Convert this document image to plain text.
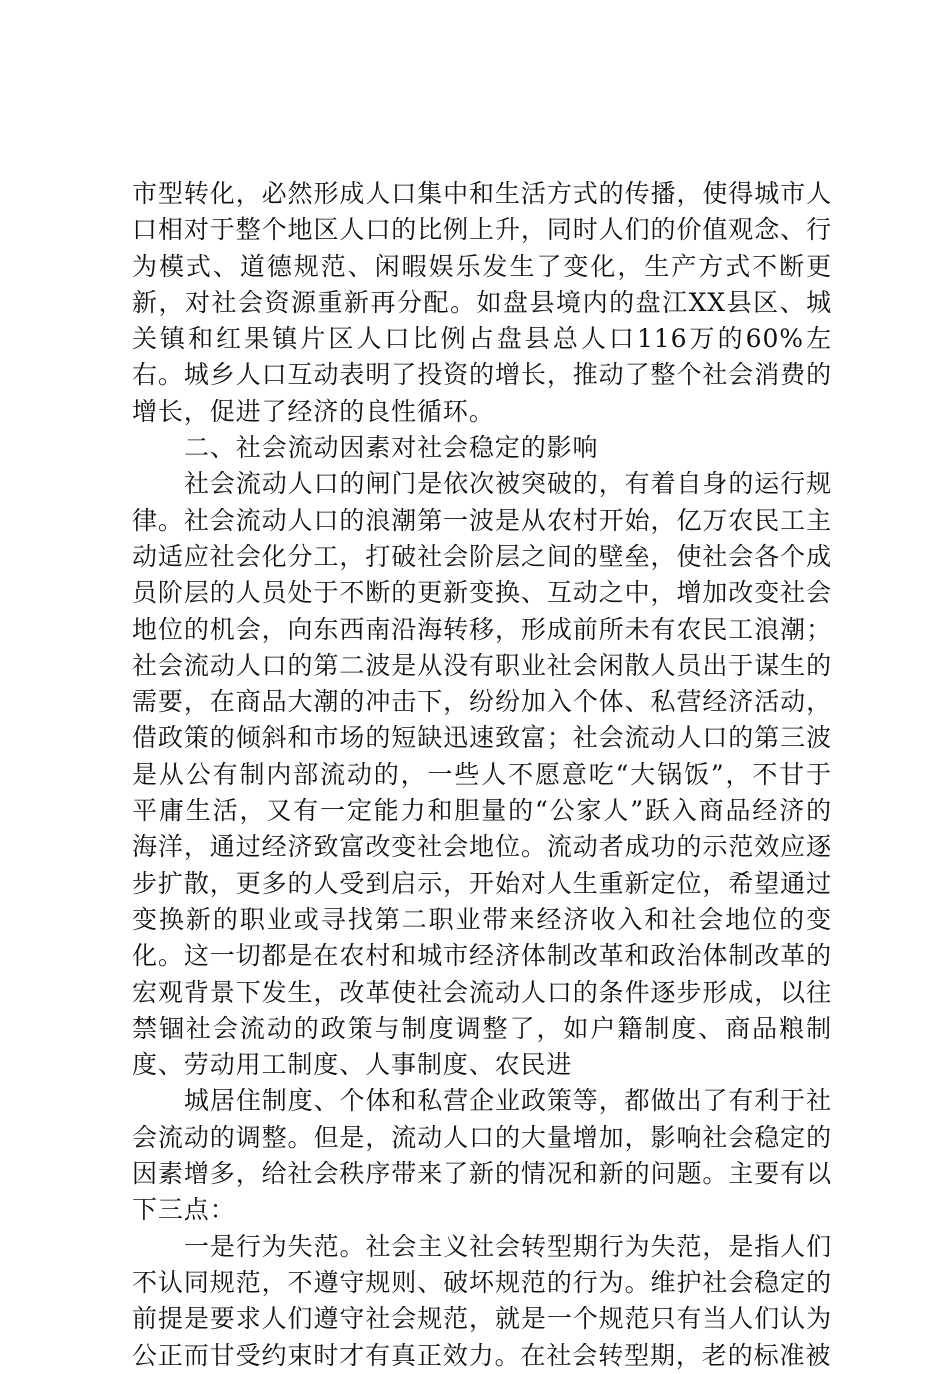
市型转化，必然形成人口集中和生活方式的传播，使得城市人口相对于整个地区人口的比例上升，同时人们的价值观念、行为模式、道德规范、闲暇娱乐发生了变化，生产方式不断更新，对社会资源重新再分配。如盘县境内的盘江XX县区、城关镇和红果镇片区人口比例占盘县总人口116万的60%左右。城乡人口互动表明了投资的增长，推动了整个社会消费的增长，促进了经济的良性循环。

二、社会流动因素对社会稳定的影响

社会流动人口的闸门是依次被突破的，有着自身的运行规律。社会流动人口的浪潮第一波是从农村开始，亿万农民工主动适应社会化分工，打破社会阶层之间的壁垒，使社会各个成员阶层的人员处于不断的更新变换、互动之中，增加改变社会地位的机会，向东西南沿海转移，形成前所未有农民工浪潮；社会流动人口的第二波是从没有职业社会闲散人员出于谋生的需要，在商品大潮的冲击下，纷纷加入个体、私营经济活动，借政策的倾斜和市场的短缺迅速致富；社会流动人口的第三波是从公有制内部流动的，一些人不愿意吃“大锅饭”，不甘于平庸生活，又有一定能力和胆量的“公家人”跃入商品经济的海洋，通过经济致富改变社会地位。流动者成功的示范效应逐步扩散，更多的人受到启示，开始对人生重新定位，希望通过变换新的职业或寻找第二职业带来经济收入和社会地位的变化。这一切都是在农村和城市经济体制改革和政治体制改革的宏观背景下发生，改革使社会流动人口的条件逐步形成，以往禁锢社会流动的政策与制度调整了，如户籍制度、商品粮制度、劳动用工制度、人事制度、农民进

城居住制度、个体和私营企业政策等，都做出了有利于社会流动的调整。但是，流动人口的大量增加，影响社会稳定的因素增多，给社会秩序带来了新的情况和新的问题。主要有以下三点：

一是行为失范。社会主义社会转型期行为失范，是指人们不认同规范，不遵守规则、破坏规范的行为。维护社会稳定的前提是要求人们遵守社会规范，就是一个规范只有当人们认为公正而甘受约束时才有真正效力。在社会转型期，老的标准被
